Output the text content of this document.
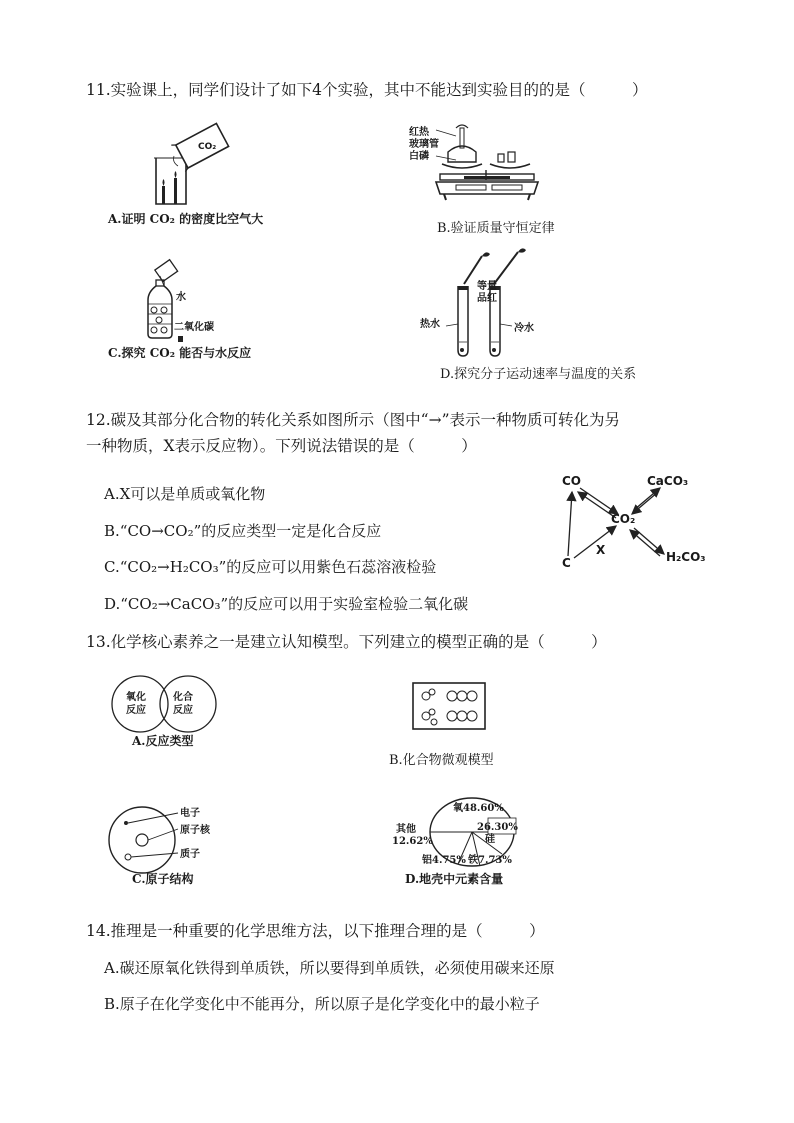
11.实验课上，同学们设计了如下4个实验，其中不能达到实验目的的是（　　　）
CO₂
A.证明 CO₂ 的密度比空气大
红热
玻璃管
白磷
B.验证质量守恒定律
水
二氧化碳
C.探究 CO₂ 能否与水反应
等量
品红
热水	冷水
D.探究分子运动速率与温度的关系
12.碳及其部分化合物的转化关系如图所示（图中“→”表示一种物质可转化为另
一种物质，X表示反应物）。下列说法错误的是（　　　）
A.X可以是单质或氧化物
B.“CO→CO₂”的反应类型一定是化合反应
C.“CO₂→H₂CO₃”的反应可以用紫色石蕊溶液检验
D.“CO₂→CaCO₃”的反应可以用于实验室检验二氧化碳
CO	CaCO₃
CO₂
X
C	H₂CO₃
13.化学核心素养之一是建立认知模型。下列建立的模型正确的是（　　　）
氧化
反应
化合
反应
A.反应类型
B.化合物微观模型
电子
原子核
质子
C.原子结构
氧48.60%
26.30%
硅
其他
12.62%
铝4.75% 铁7.73%
D.地壳中元素含量
14.推理是一种重要的化学思维方法，以下推理合理的是（　　　）
A.碳还原氧化铁得到单质铁，所以要得到单质铁，必须使用碳来还原
B.原子在化学变化中不能再分，所以原子是化学变化中的最小粒子
